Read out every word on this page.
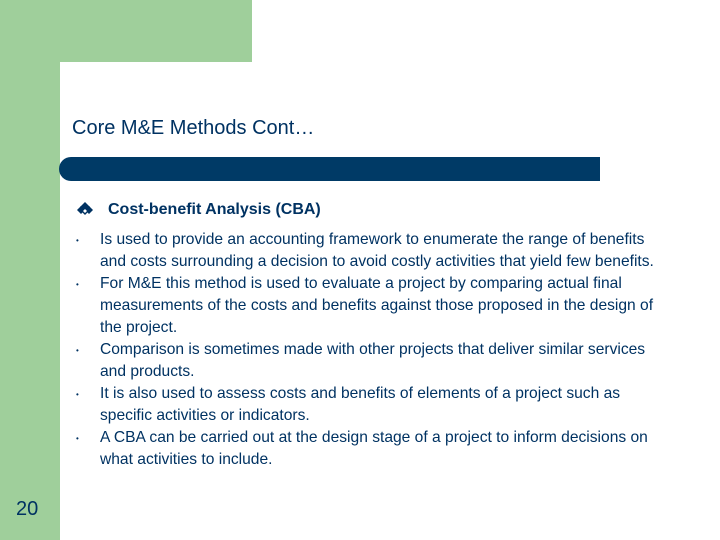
Core M&E Methods Cont…
Cost-benefit Analysis (CBA)
•	Is used to provide an accounting framework to enumerate the range of benefits and costs surrounding a decision to avoid costly activities that yield few benefits.
•	For M&E this method is used to evaluate a project by comparing actual final measurements of the costs and benefits against those proposed in the design of the project.
•	Comparison is sometimes made with other projects that deliver similar services and products.
•	It is also used to assess costs and benefits of elements of a project such as specific activities or indicators.
•	A CBA can be carried out at the design stage of a project to inform decisions on what activities to include.
20
